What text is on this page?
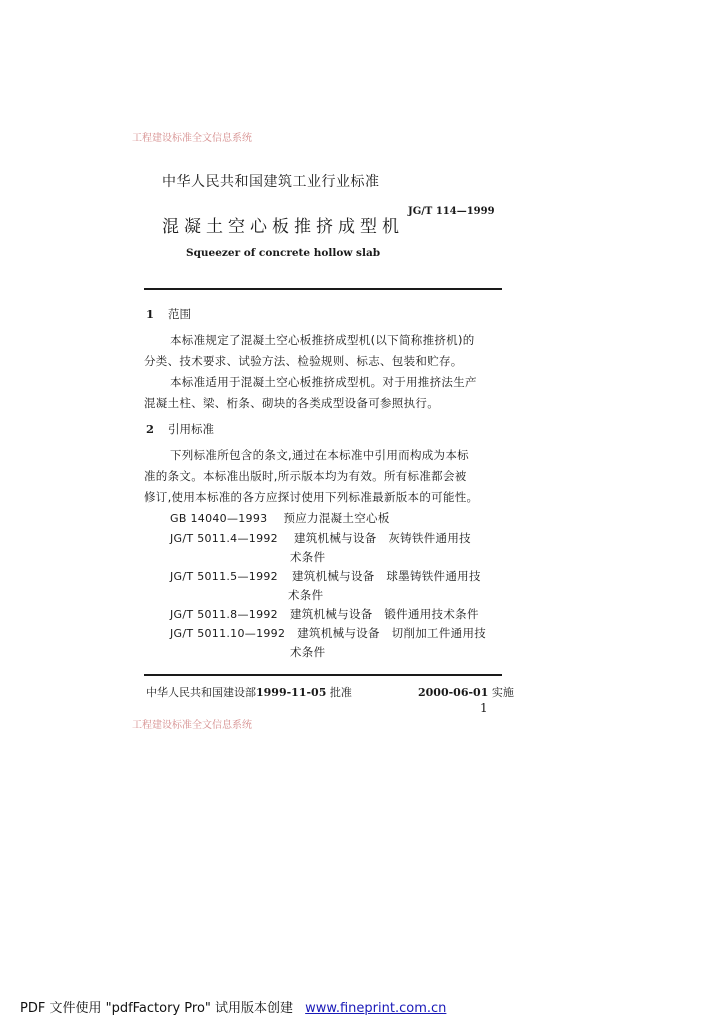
工程建设标准全文信息系统
工程建设标准全文信息系统
中华人民共和国建筑工业行业标准
混凝土空心板推挤成型机
JG/T 114—1999
Squeezer of concrete hollow slab
1 范围
本标准规定了混凝土空心板推挤成型机(以下简称推挤机)的
分类、技术要求、试验方法、检验规则、标志、包装和贮存。
本标准适用于混凝土空心板推挤成型机。对于用推挤法生产
混凝土柱、梁、桁条、砌块的各类成型设备可参照执行。
2 引用标准
下列标准所包含的条文,通过在本标准中引用而构成为本标
准的条文。本标准出版时,所示版本均为有效。所有标准都会被
修订,使用本标准的各方应探讨使用下列标准最新版本的可能性。
GB 14040—1993 预应力混凝土空心板
JG/T 5011.4—1992 建筑机械与设备　灰铸铁件通用技
术条件
JG/T 5011.5—1992 建筑机械与设备　球墨铸铁件通用技
术条件
JG/T 5011.8—1992 建筑机械与设备　锻件通用技术条件
JG/T 5011.10—1992 建筑机械与设备　切削加工件通用技
术条件
中华人民共和国建设部1999-11-05 批准	2000-06-01 实施
1
PDF 文件使用 "pdfFactory Pro" 试用版本创建 www.fineprint.com.cn
